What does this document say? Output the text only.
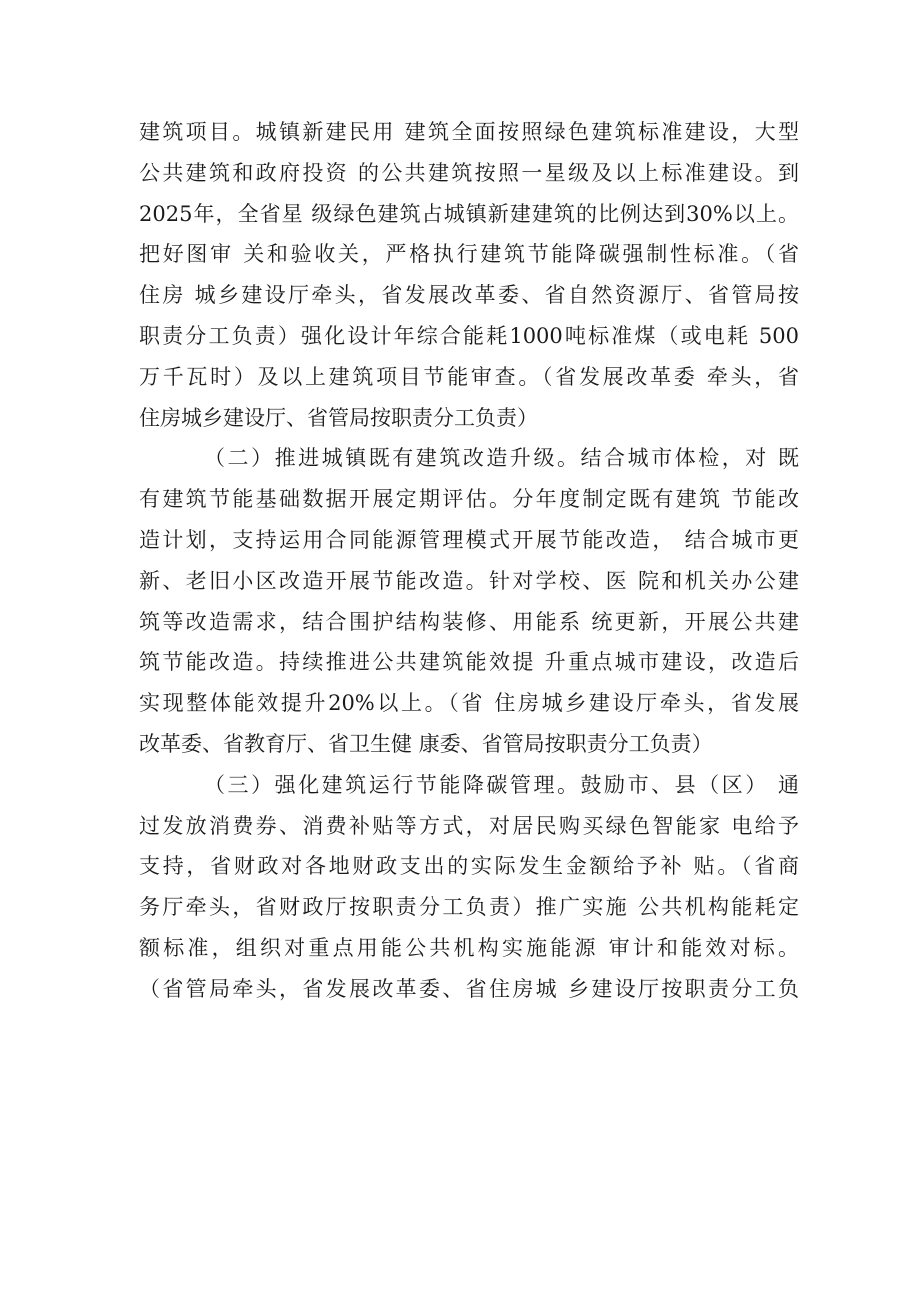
建筑项目。城镇新建民用 建筑全面按照绿色建筑标准建设，大型
公共建筑和政府投资 的公共建筑按照一星级及以上标准建设。到
2025年，全省星 级绿色建筑占城镇新建建筑的比例达到30%以上。
把好图审 关和验收关，严格执行建筑节能降碳强制性标准。（省
住房 城乡建设厅牵头，省发展改革委、省自然资源厅、省管局按
职责分工负责）强化设计年综合能耗1000吨标准煤（或电耗 500
万千瓦时）及以上建筑项目节能审查。（省发展改革委 牵头，省
住房城乡建设厅、省管局按职责分工负责）
（二）推进城镇既有建筑改造升级。结合城市体检，对 既
有建筑节能基础数据开展定期评估。分年度制定既有建筑 节能改
造计划，支持运用合同能源管理模式开展节能改造， 结合城市更
新、老旧小区改造开展节能改造。针对学校、医 院和机关办公建
筑等改造需求，结合围护结构装修、用能系 统更新，开展公共建
筑节能改造。持续推进公共建筑能效提 升重点城市建设，改造后
实现整体能效提升20%以上。（省 住房城乡建设厅牵头，省发展
改革委、省教育厅、省卫生健 康委、省管局按职责分工负责）
（三）强化建筑运行节能降碳管理。鼓励市、县（区） 通
过发放消费券、消费补贴等方式，对居民购买绿色智能家 电给予
支持，省财政对各地财政支出的实际发生金额给予补 贴。（省商
务厅牵头，省财政厅按职责分工负责）推广实施 公共机构能耗定
额标准，组织对重点用能公共机构实施能源 审计和能效对标。
（省管局牵头，省发展改革委、省住房城 乡建设厅按职责分工负
